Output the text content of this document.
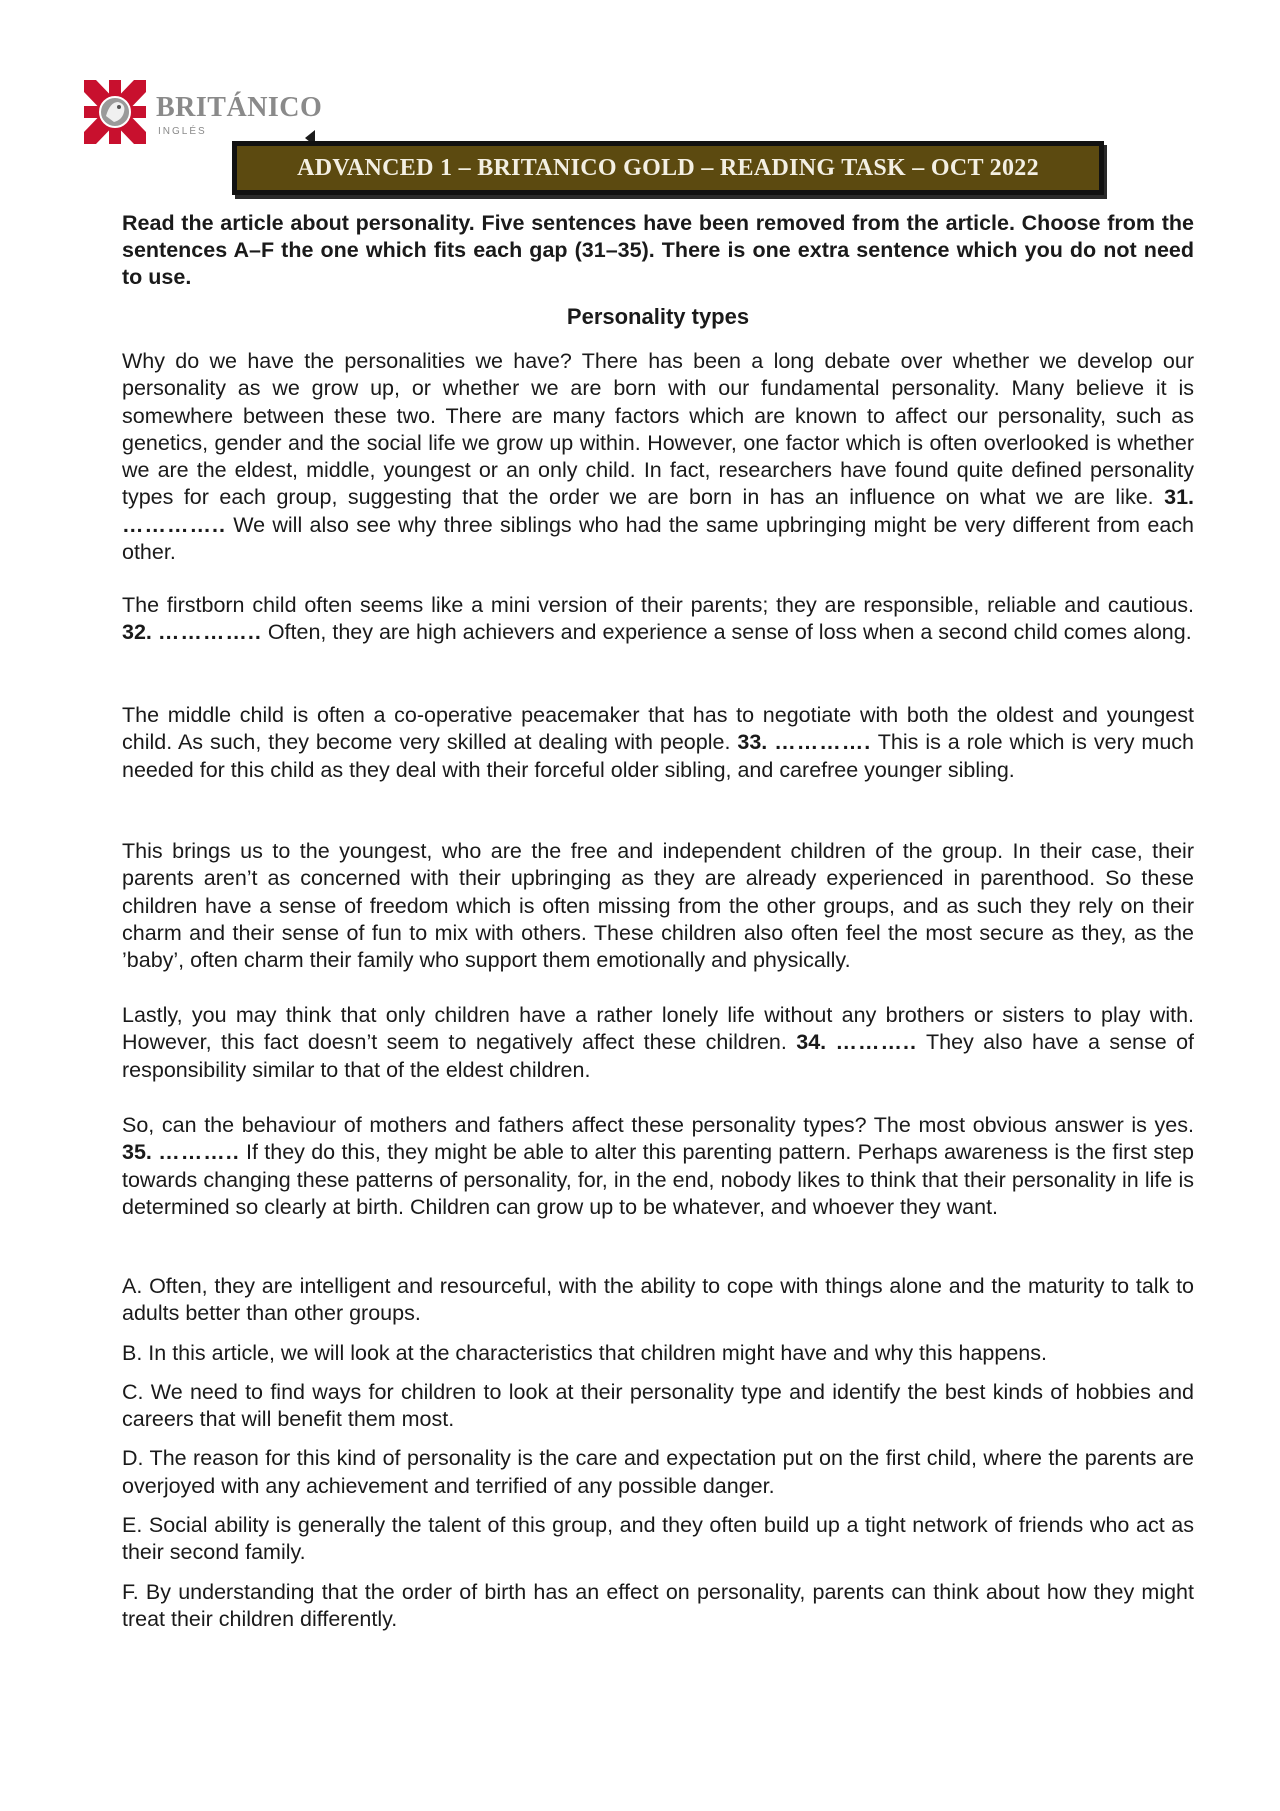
BRITÁNICO
INGLÉS
ADVANCED 1 – BRITANICO GOLD – READING TASK – OCT 2022
Read the article about personality. Five sentences have been removed from the article. Choose from the sentences A–F the one which fits each gap (31–35). There is one extra sentence which you do not need to use.
Personality types
Why do we have the personalities we have? There has been a long debate over whether we develop our personality as we grow up, or whether we are born with our fundamental personality. Many believe it is somewhere between these two. There are many factors which are known to affect our personality, such as genetics, gender and the social life we grow up within. However, one factor which is often overlooked is whether we are the eldest, middle, youngest or an only child. In fact, researchers have found quite defined personality types for each group, suggesting that the order we are born in has an influence on what we are like. 31. ………….. We will also see why three siblings who had the same upbringing might be very different from each other.
The firstborn child often seems like a mini version of their parents; they are responsible, reliable and cautious. 32. ………….. Often, they are high achievers and experience a sense of loss when a second child comes along.
The middle child is often a co-operative peacemaker that has to negotiate with both the oldest and youngest child. As such, they become very skilled at dealing with people. 33. …………. This is a role which is very much needed for this child as they deal with their forceful older sibling, and carefree younger sibling.
This brings us to the youngest, who are the free and independent children of the group. In their case, their parents aren’t as concerned with their upbringing as they are already experienced in parenthood. So these children have a sense of freedom which is often missing from the other groups, and as such they rely on their charm and their sense of fun to mix with others. These children also often feel the most secure as they, as the ’baby’, often charm their family who support them emotionally and physically.
Lastly, you may think that only children have a rather lonely life without any brothers or sisters to play with. However, this fact doesn’t seem to negatively affect these children. 34. ……….. They also have a sense of responsibility similar to that of the eldest children.
So, can the behaviour of mothers and fathers affect these personality types? The most obvious answer is yes. 35. ……….. If they do this, they might be able to alter this parenting pattern. Perhaps awareness is the first step towards changing these patterns of personality, for, in the end, nobody likes to think that their personality in life is determined so clearly at birth. Children can grow up to be whatever, and whoever they want.
A. Often, they are intelligent and resourceful, with the ability to cope with things alone and the maturity to talk to adults better than other groups.
B. In this article, we will look at the characteristics that children might have and why this happens.
C. We need to find ways for children to look at their personality type and identify the best kinds of hobbies and careers that will benefit them most.
D. The reason for this kind of personality is the care and expectation put on the first child, where the parents are overjoyed with any achievement and terrified of any possible danger.
E. Social ability is generally the talent of this group, and they often build up a tight network of friends who act as their second family.
F. By understanding that the order of birth has an effect on personality, parents can think about how they might treat their children differently.
